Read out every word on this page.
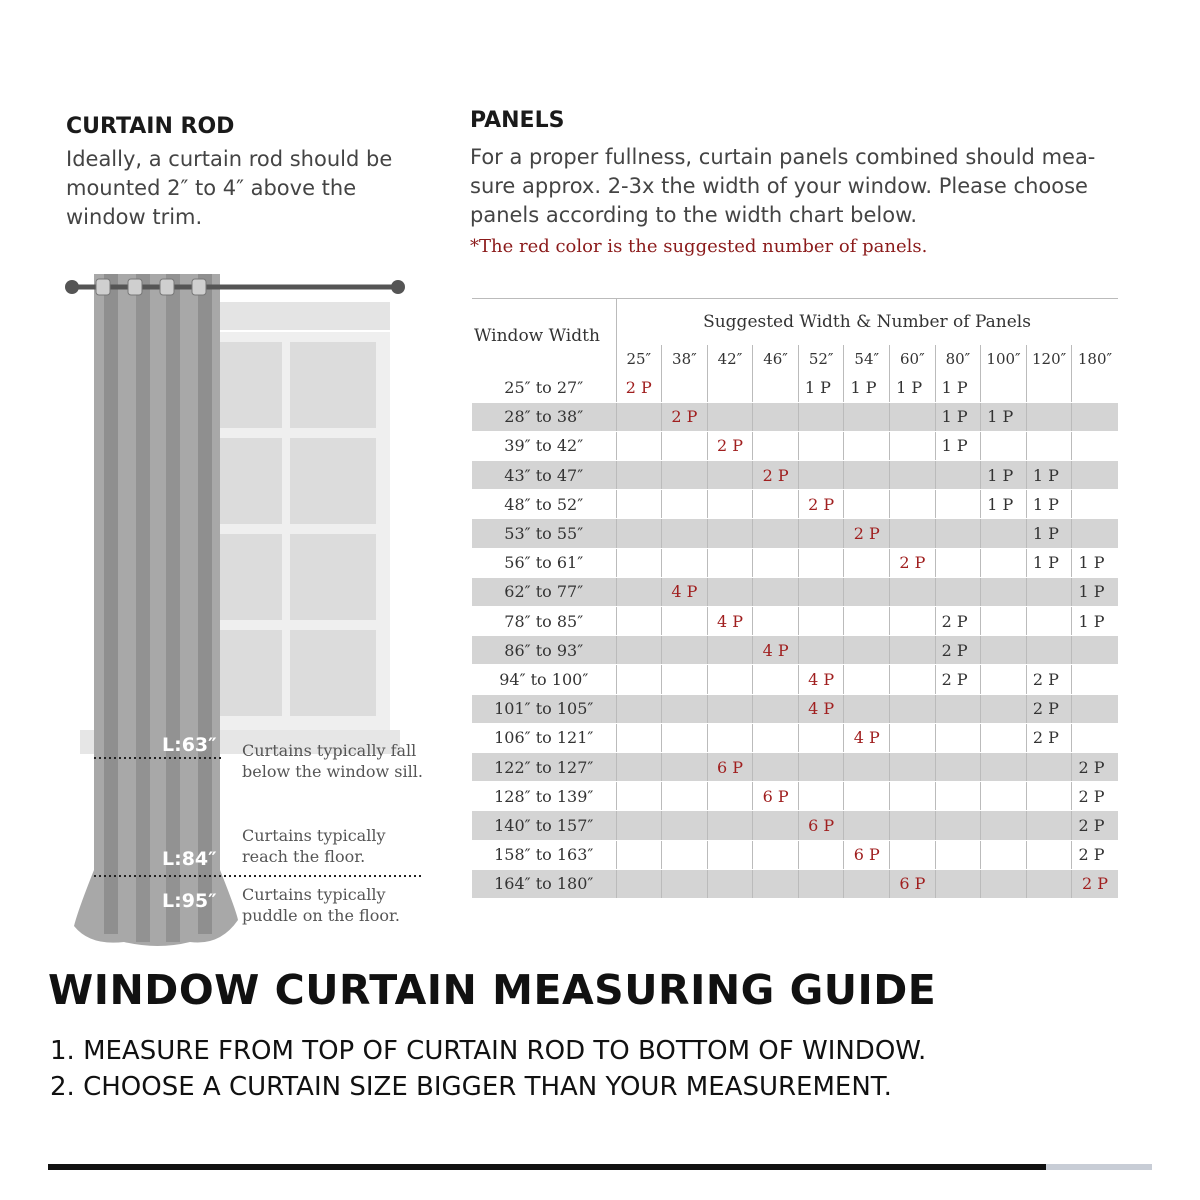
CURTAIN ROD
Ideally, a curtain rod should be
mounted 2″ to 4″ above the
window trim.
PANELS
For a proper fullness, curtain panels combined should mea-
sure approx. 2-3x the width of your window. Please choose
panels according to the width chart below.
*The red color is the suggested number of panels.
L:63″ Curtains typically fall
below the window sill.
L:84″
Curtains typically
reach the floor.
L:95″ Curtains typically
puddle on the floor.
Window Width	Suggested Width & Number of Panels										
	25″	38″	42″	46″	52″	54″	60″	80″	100″	120″	180″
25″ to 27″	2 P				1 P	1 P	1 P	1 P			
28″ to 38″		2 P						1 P	1 P		
39″ to 42″			2 P					1 P			
43″ to 47″				2 P					1 P	1 P	
48″ to 52″					2 P				1 P	1 P	
53″ to 55″						2 P				1 P	
56″ to 61″							2 P			1 P	1 P
62″ to 77″		4 P									1 P
78″ to 85″			4 P					2 P			1 P
86″ to 93″				4 P				2 P			
94″ to 100″					4 P			2 P		2 P	
101″ to 105″					4 P					2 P	
106″ to 121″						4 P				2 P	
122″ to 127″			6 P								2 P
128″ to 139″				6 P							2 P
140″ to 157″					6 P						2 P
158″ to 163″						6 P					2 P
164″ to 180″							6 P				2 P
WINDOW CURTAIN MEASURING GUIDE

1. MEASURE FROM TOP OF CURTAIN ROD TO BOTTOM OF WINDOW.

2. CHOOSE A CURTAIN SIZE BIGGER THAN YOUR MEASUREMENT.
